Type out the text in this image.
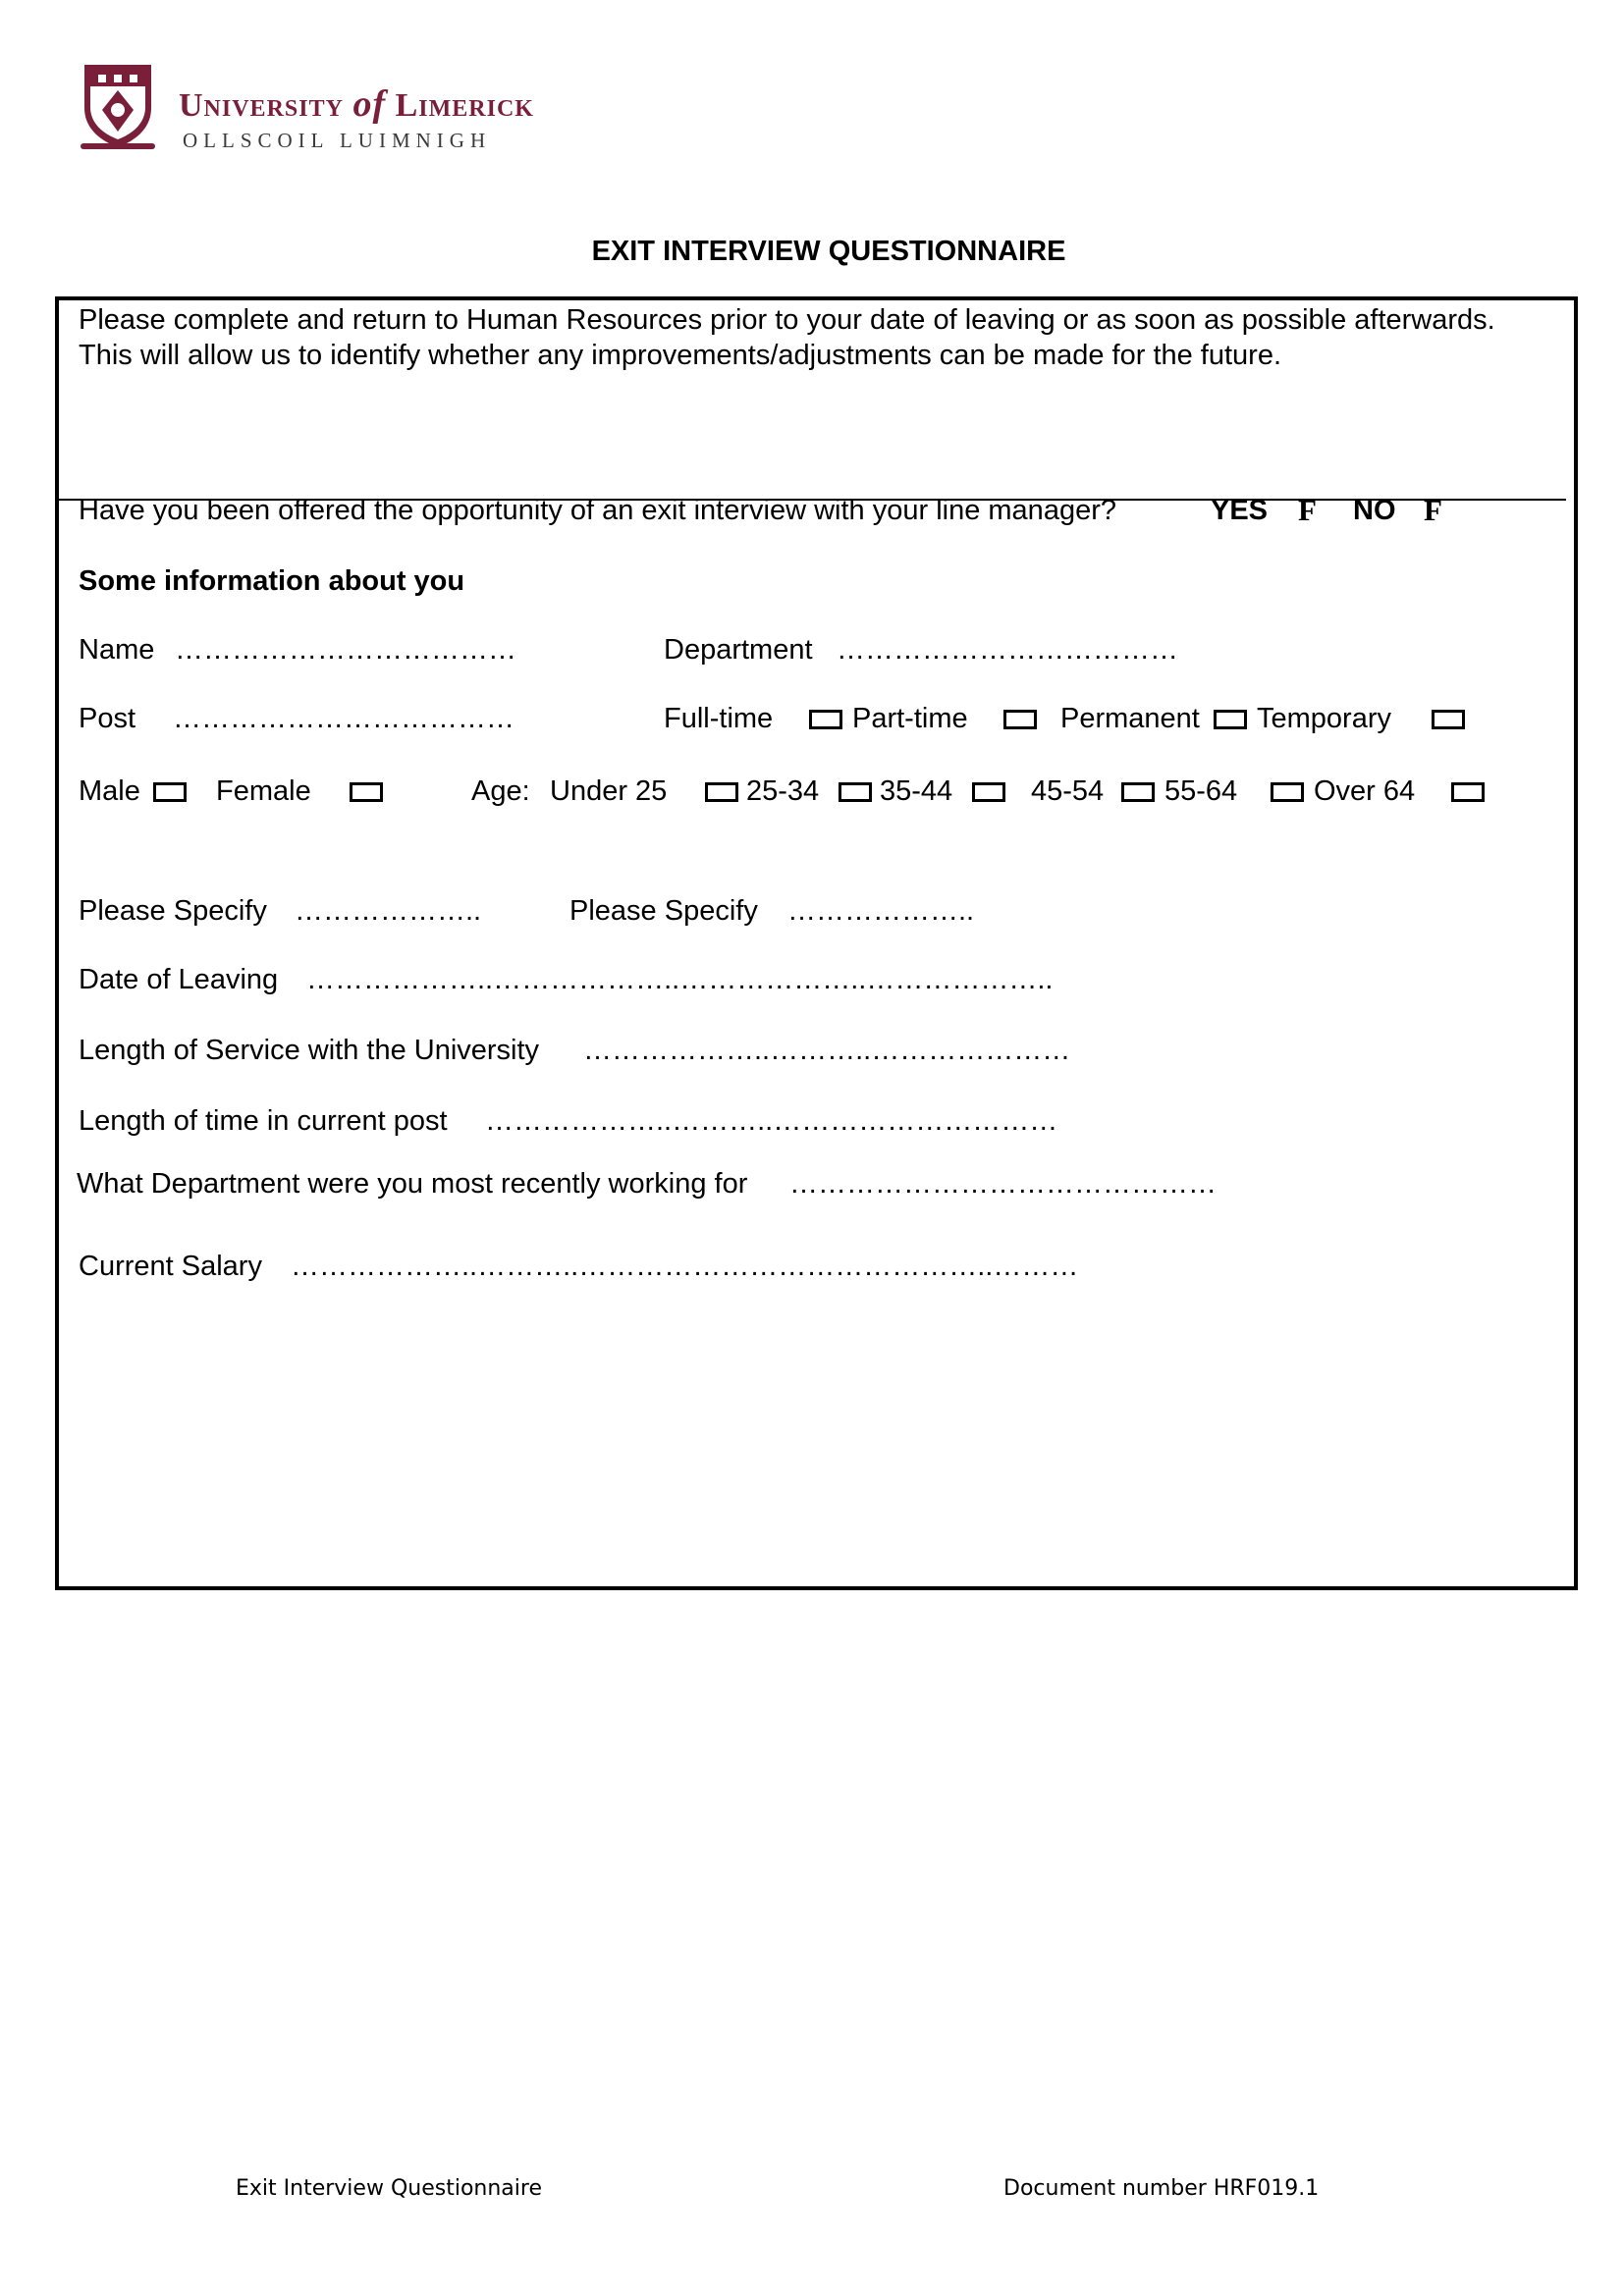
University of Limerick
OLLSCOIL LUIMNIGH
EXIT INTERVIEW QUESTIONNAIRE
Please complete and return to Human Resources prior to your date of leaving or as soon as possible afterwards. This will allow us to identify whether any improvements/adjustments can be made for the future.
Have you been offered the opportunity of an exit interview with your line manager?	YES F NO F
Some information about you
Name ………………………………	Department ………………………………
Post ………………………………	Full-time	Part-time	Permanent Temporary
Male	Female	Age: Under 25	25-34 35-44	45-54 55-64	Over 64
Please Specify ………………..	Please Specify ………………..
Date of Leaving ………………..………………..………………..………………..
Length of Service with the University ………………..………..…………………
Length of time in current post ………………..………..…………………………
What Department were you most recently working for ………………………………………
Current Salary ………………..………..……………………………………..………
Exit Interview Questionnaire	Document number HRF019.1
